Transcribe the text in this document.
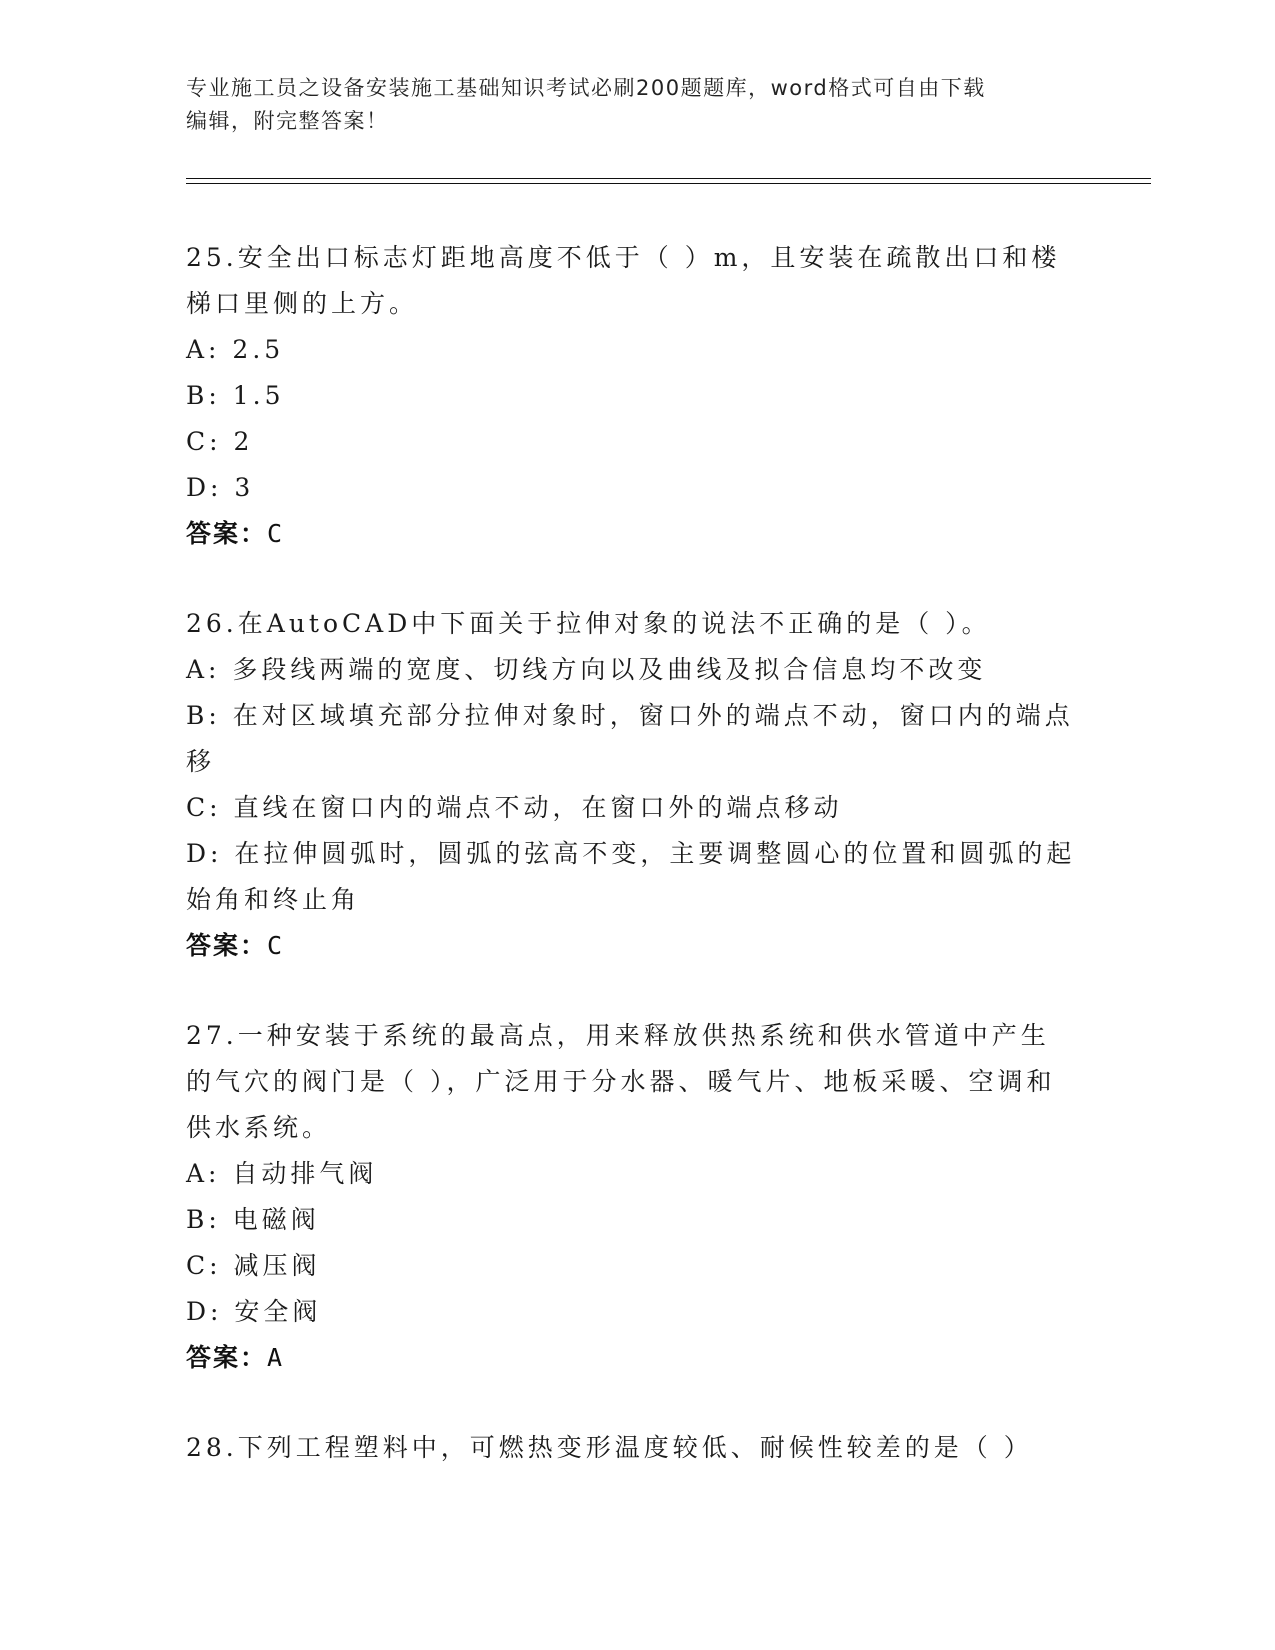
专业施工员之设备安装施工基础知识考试必刷200题题库，word格式可自由下载
编辑，附完整答案！

25.安全出口标志灯距地高度不低于（ ）m，且安装在疏散出口和楼梯口里侧的上方。

A: 2.5

B: 1.5

C: 2

D: 3

答案：C

26.在AutoCAD中下面关于拉伸对象的说法不正确的是（ ）。

A: 多段线两端的宽度、切线方向以及曲线及拟合信息均不改变

B: 在对区域填充部分拉伸对象时，窗口外的端点不动，窗口内的端点移

C: 直线在窗口内的端点不动，在窗口外的端点移动

D: 在拉伸圆弧时，圆弧的弦高不变，主要调整圆心的位置和圆弧的起始角和终止角

答案：C

27.一种安装于系统的最高点，用来释放供热系统和供水管道中产生的气穴的阀门是（ ），广泛用于分水器、暖气片、地板采暖、空调和供水系统。

A: 自动排气阀

B: 电磁阀

C: 减压阀

D: 安全阀

答案：A

28.下列工程塑料中，可燃热变形温度较低、耐候性较差的是（ ）
